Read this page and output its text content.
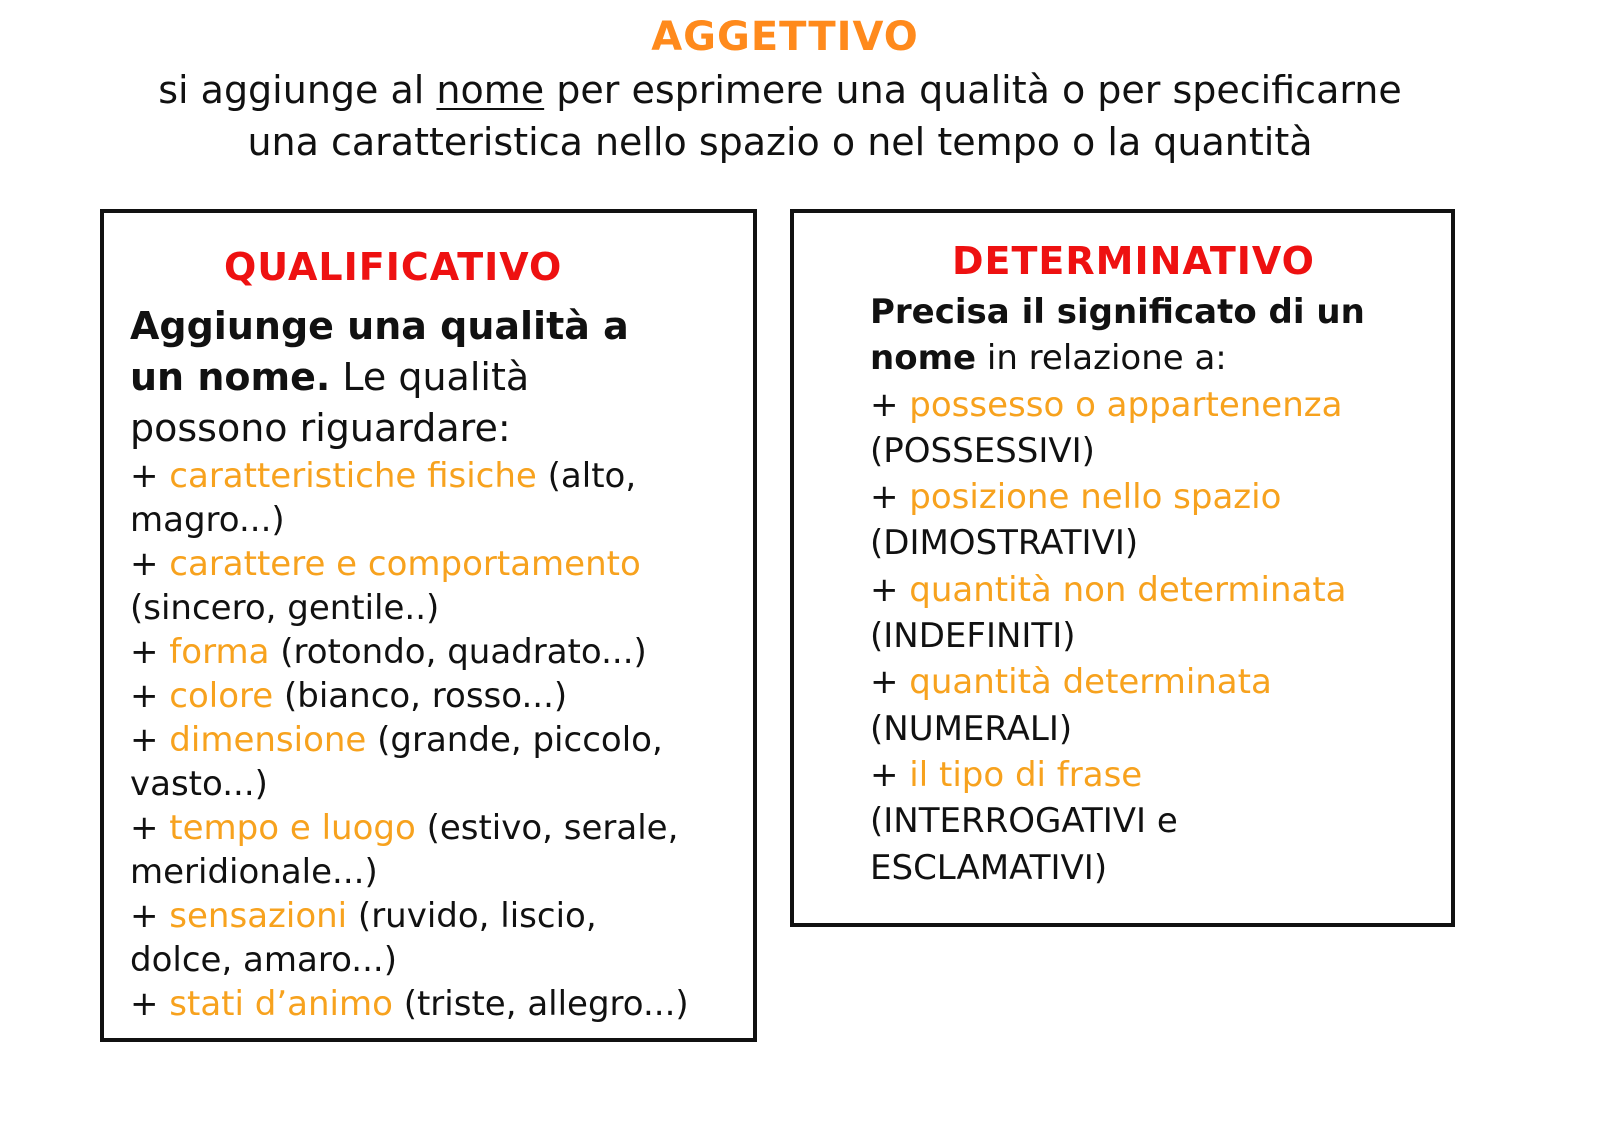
AGGETTIVO
si aggiunge al nome per esprimere una qualità o per specificarne
una caratteristica nello spazio o nel tempo o la quantità
QUALIFICATIVO
Aggiunge una qualità a
un nome. Le qualità
possono riguardare:
+ caratteristiche fisiche (alto,
magro...)
+ carattere e comportamento
(sincero, gentile..)
+ forma (rotondo, quadrato...)
+ colore (bianco, rosso...)
+ dimensione (grande, piccolo,
vasto...)
+ tempo e luogo (estivo, serale,
meridionale...)
+ sensazioni (ruvido, liscio,
dolce, amaro...)
+ stati d’animo (triste, allegro...)
DETERMINATIVO
Precisa il significato di un
nome in relazione a:
+ possesso o appartenenza
(POSSESSIVI)
+ posizione nello spazio
(DIMOSTRATIVI)
+ quantità non determinata
(INDEFINITI)
+ quantità determinata
(NUMERALI)
+ il tipo di frase
(INTERROGATIVI e
ESCLAMATIVI)
